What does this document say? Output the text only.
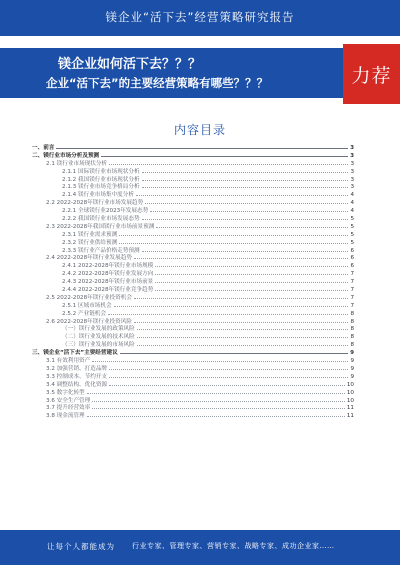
镁企业“活下去”经营策略研究报告
镁企业如何活下去？？？
企业“活下去”的主要经营策略有哪些？？？	力荐
内容目录
一、前言	3
二、镁行业市场分析及预测	3
2.1 镁行业市场现状分析	3
2.1.1 国际镁行业市场现状分析	3
2.1.2 我国镁行业市场现状分析	3
2.1.3 镁行业市场竞争格局分析	3
2.1.4 镁行业市场集中度分析	4
2.2 2022-2028年镁行业市场发展趋势	4
2.2.1 全球镁行业2023年发展态势	4
2.2.2 我国镁行业市场发展态势	5
2.3 2022-2028年我国镁行业市场前景预测	5
2.3.1 镁行业需求预测	5
2.3.2 镁行业供给预测	5
2.3.3 镁行业产品价格走势预测	6
2.4 2022-2028年镁行业发展趋势	6
2.4.1 2022-2028年镁行业市场规模	6
2.4.2 2022-2028年镁行业发展方向	7
2.4.3 2022-2028年镁行业市场前景	7
2.4.4 2022-2028年镁行业竞争趋势	7
2.5 2022-2028年镁行业投资机会	7
2.5.1 区域市场机会	7
2.5.2 产业链机会	8
2.6 2022-2028年镁行业投资风险	8
（一）镁行业发展的政策风险	8
（二）镁行业发展的技术风险	8
（三）镁行业发展的市场风险	8
三、镁企业“活下去”主要经营建议	9
3.1 有效利用资产	9
3.2 加强营销、打造品牌	9
3.3 控制成本、节约开支	9
3.4 调整结构、优化资源	10
3.5 数字化转型	10
3.6 安全生产管理	10
3.7 提升经营效率	11
3.8 现金流管理	11
让每个人都能成为 行业专家、管理专家、营销专家、战略专家、成功企业家……
